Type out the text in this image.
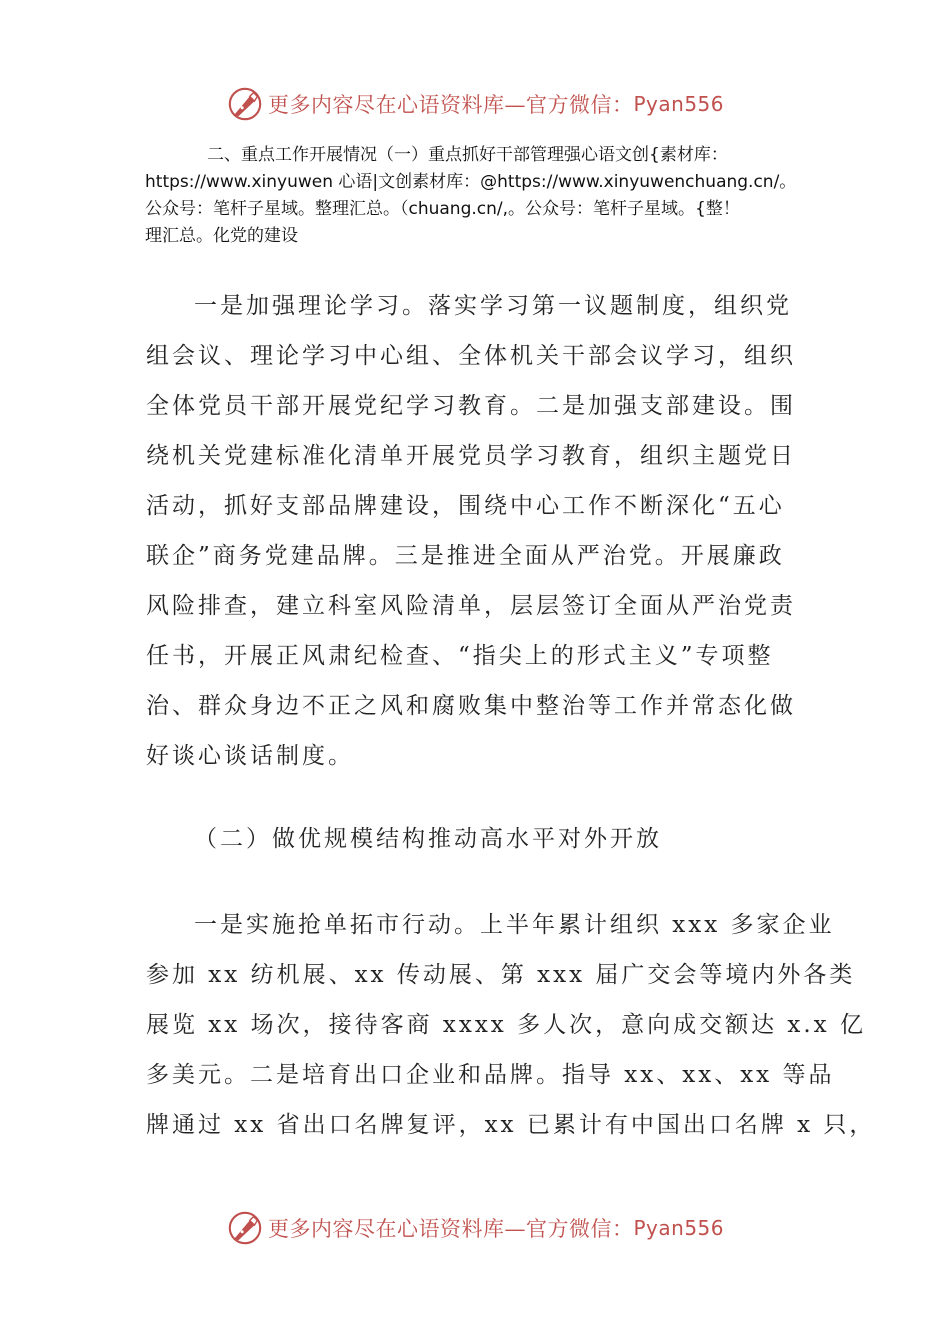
更多内容尽在心语资料库—官方微信： Pyan556
二、重点工作开展情况（一）重点抓好干部管理强心语文创{素材库：
https://www.xinyuwen 心语|文创素材库：@https://www.xinyuwenchuang.cn/。
公众号：笔杆子星域。整理汇总。（chuang.cn/,。公众号：笔杆子星域。{整！
理汇总。化党的建设
一是加强理论学习。落实学习第一议题制度，组织党
组会议、理论学习中心组、全体机关干部会议学习，组织
全体党员干部开展党纪学习教育。二是加强支部建设。围
绕机关党建标准化清单开展党员学习教育，组织主题党日
活动，抓好支部品牌建设，围绕中心工作不断深化“五心
联企”商务党建品牌。三是推进全面从严治党。开展廉政
风险排查，建立科室风险清单，层层签订全面从严治党责
任书，开展正风肃纪检查、“指尖上的形式主义”专项整
治、群众身边不正之风和腐败集中整治等工作并常态化做
好谈心谈话制度。
（二）做优规模结构推动高水平对外开放
一是实施抢单拓市行动。上半年累计组织 xxx 多家企业
参加 xx 纺机展、xx 传动展、第 xxx 届广交会等境内外各类
展览 xx 场次，接待客商 xxxx 多人次，意向成交额达 x.x 亿
多美元。二是培育出口企业和品牌。指导 xx、xx、xx 等品
牌通过 xx 省出口名牌复评，xx 已累计有中国出口名牌 x 只，
更多内容尽在心语资料库—官方微信： Pyan556
